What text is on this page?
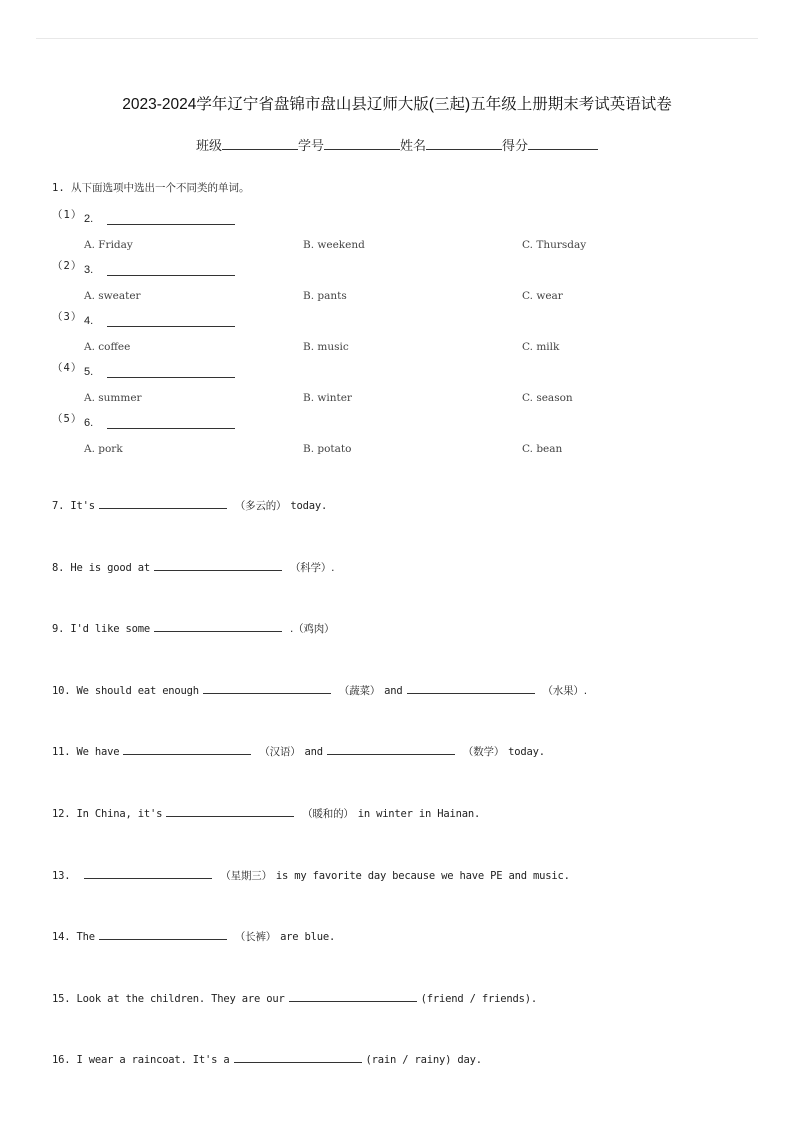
2023-2024学年辽宁省盘锦市盘山县辽师大版(三起)五年级上册期末考试英语试卷
班级	学号	姓名	得分
1. 从下面选项中选出一个不同类的单词。
（1） 2.
A. Friday	B. weekend	C. Thursday
（2） 3.
A. sweater	B. pants	C. wear
（3） 4.
A. coffee	B. music	C. milk
（4） 5.
A. summer	B. winter	C. season
（5） 6.
A. pork	B. potato	C. bean
7. It's	（多云的） today.
8. He is good at	（科学）.
9. I'd like some	.（鸡肉）
10. We should eat enough	（蔬菜） and	（水果）.
11. We have	（汉语） and	（数学） today.
12. In China, it's	（暖和的） in winter in Hainan.
13.	（星期三） is my favorite day because we have PE and music.
14. The	（长裤） are blue.
15. Look at the children. They are our	(friend / friends).
16. I wear a raincoat. It's a	(rain / rainy) day.
